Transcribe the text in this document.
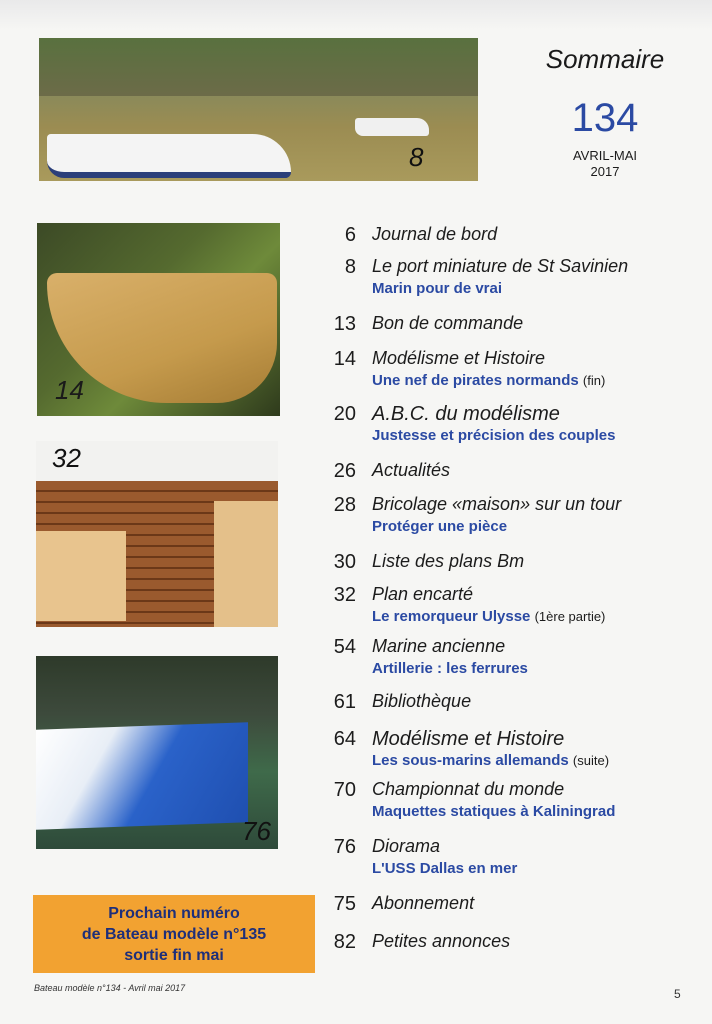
8
14
32
76
Sommaire
134
AVRIL-MAI
2017
6 Journal de bord
8 Le port miniature de St Savinien
Marin pour de vrai
13 Bon de commande
14 Modélisme et Histoire
Une nef de pirates normands (fin)
20 A.B.C. du modélisme
Justesse et précision des couples
26 Actualités
28 Bricolage «maison» sur un tour
Protéger une pièce
30 Liste des plans Bm
32 Plan encarté
Le remorqueur Ulysse (1ère partie)
54 Marine ancienne
Artillerie : les ferrures
61 Bibliothèque
64 Modélisme et Histoire
Les sous-marins allemands (suite)
70 Championnat du monde
Maquettes statiques à Kaliningrad
76 Diorama
L'USS Dallas en mer
75 Abonnement
82 Petites annonces
Prochain numéro
de Bateau modèle n°135
sortie fin mai
Bateau modèle n°134 - Avril mai 2017	5
